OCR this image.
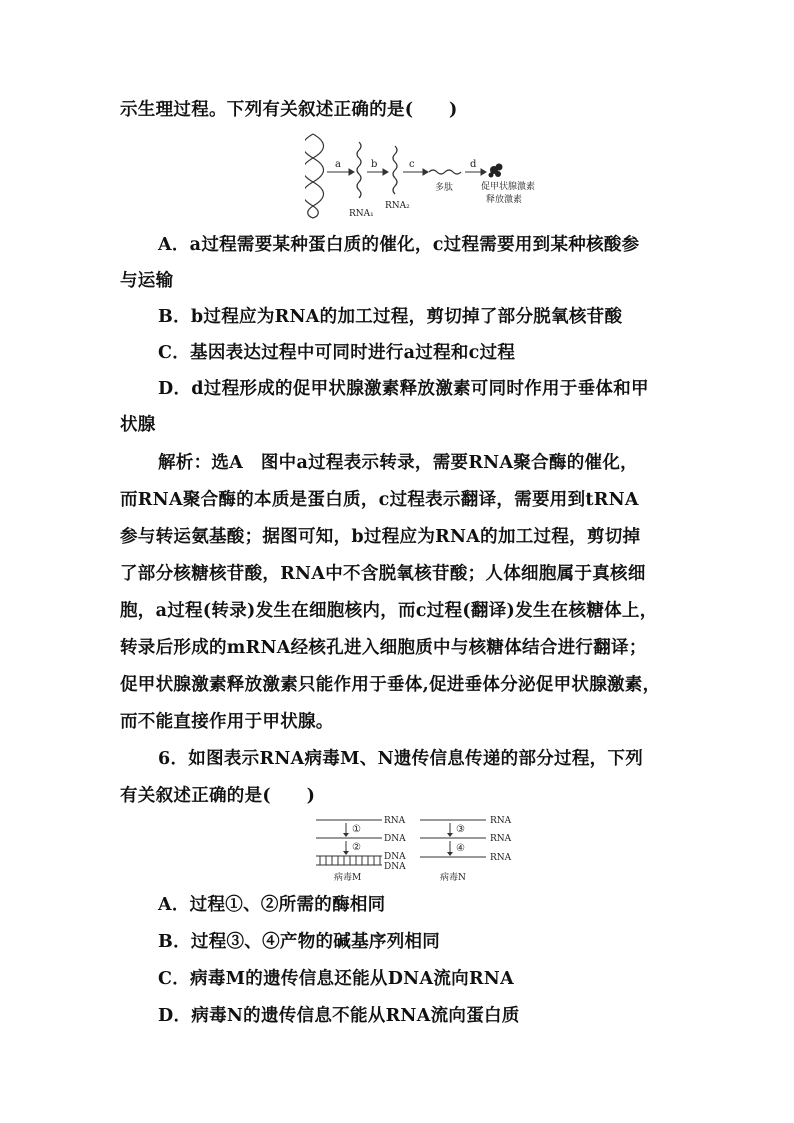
示生理过程。下列有关叙述正确的是(　　)
a
RNA₁
b
RNA₂
c
多肽
d
促甲状腺激素
释放激素
A．a过程需要某种蛋白质的催化，c过程需要用到某种核酸参
与运输
B．b过程应为RNA的加工过程，剪切掉了部分脱氧核苷酸
C．基因表达过程中可同时进行a过程和c过程
D．d过程形成的促甲状腺激素释放激素可同时作用于垂体和甲
状腺
解析：选A　图中a过程表示转录，需要RNA聚合酶的催化，
而RNA聚合酶的本质是蛋白质，c过程表示翻译，需要用到tRNA
参与转运氨基酸；据图可知，b过程应为RNA的加工过程，剪切掉
了部分核糖核苷酸，RNA中不含脱氧核苷酸；人体细胞属于真核细
胞，a过程(转录)发生在细胞核内，而c过程(翻译)发生在核糖体上，
转录后形成的mRNA经核孔进入细胞质中与核糖体结合进行翻译；
促甲状腺激素释放激素只能作用于垂体,促进垂体分泌促甲状腺激素，
而不能直接作用于甲状腺。
6．如图表示RNA病毒M、N遗传信息传递的部分过程，下列
有关叙述正确的是(　　)
RNA
DNA
DNA
DNA
①
②
病毒M
RNA
RNA
RNA
③
④
病毒N
A．过程①、②所需的酶相同
B．过程③、④产物的碱基序列相同
C．病毒M的遗传信息还能从DNA流向RNA
D．病毒N的遗传信息不能从RNA流向蛋白质
